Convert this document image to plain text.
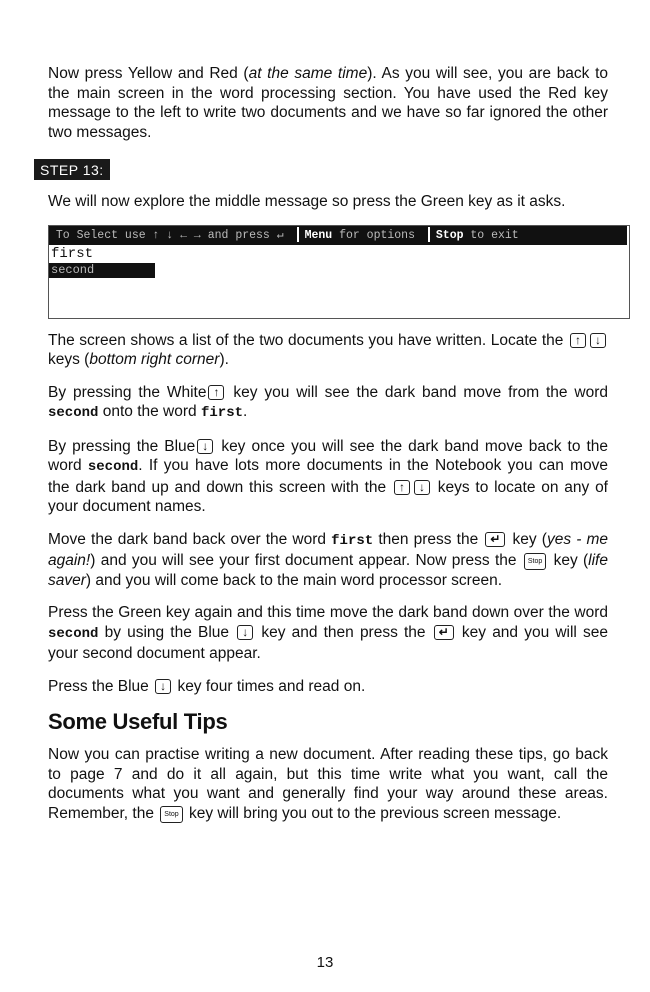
Now press Yellow and Red (at the same time). As you will see, you are back to the main screen in the word processing section. You have used the Red key message to the left to write two documents and we have so far ignored the other two messages.

STEP 13:

We will now explore the middle message so press the Green key as it asks.

To Select use ↑ ↓ ← → and press ↵ Menu for options Stop to exit
first
second

The screen shows a list of the two documents you have written. Locate the ↑ ↓ keys (bottom right corner).

By pressing the White ↑ key you will see the dark band move from the word second onto the word first.

By pressing the Blue ↓ key once you will see the dark band move back to the word second. If you have lots more documents in the Notebook you can move the dark band up and down this screen with the ↑ ↓ keys to locate on any of your document names.

Move the dark band back over the word first then press the ↵ key (yes - me again!) and you will see your first document appear. Now press the Stop key (life saver) and you will come back to the main word processor screen.

Press the Green key again and this time move the dark band down over the word second by using the Blue ↓ key and then press the ↵ key and you will see your second document appear.

Press the Blue ↓ key four times and read on.

Some Useful Tips

Now you can practise writing a new document. After reading these tips, go back to page 7 and do it all again, but this time write what you want, call the documents what you want and generally find your way around these areas. Remember, the Stop key will bring you out to the previous screen message.

13
